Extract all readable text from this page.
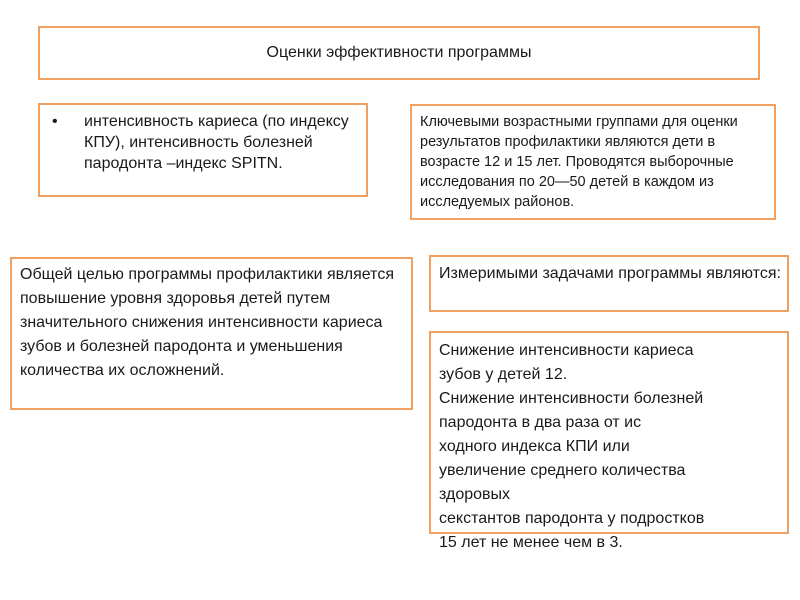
Оценки эффективности программы
• интенсивность кариеса (по индексу КПУ), интенсивность болезней пародонта –индекс SPITN.
Ключевыми возрастными группами для оценки результатов профилактики являются дети в возрасте 12 и 15 лет. Проводятся выборочные исследования по 20—50 детей в каждом из исследуемых районов.
Общей целью программы профилактики является повышение уровня здоровья детей путем значительного снижения интенсивности кариеса зубов и болезней пародонта и уменьшения количества их осложнений.
Измеримыми задачами программы являются:
Снижение интенсивности кариеса
зубов у детей 12.
Снижение интенсивности болезней
пародонта в два раза от ис
ходного индекса КПИ или
увеличение среднего количества
здоровых
секстантов пародонта у подростков
15 лет не менее чем в 3.
